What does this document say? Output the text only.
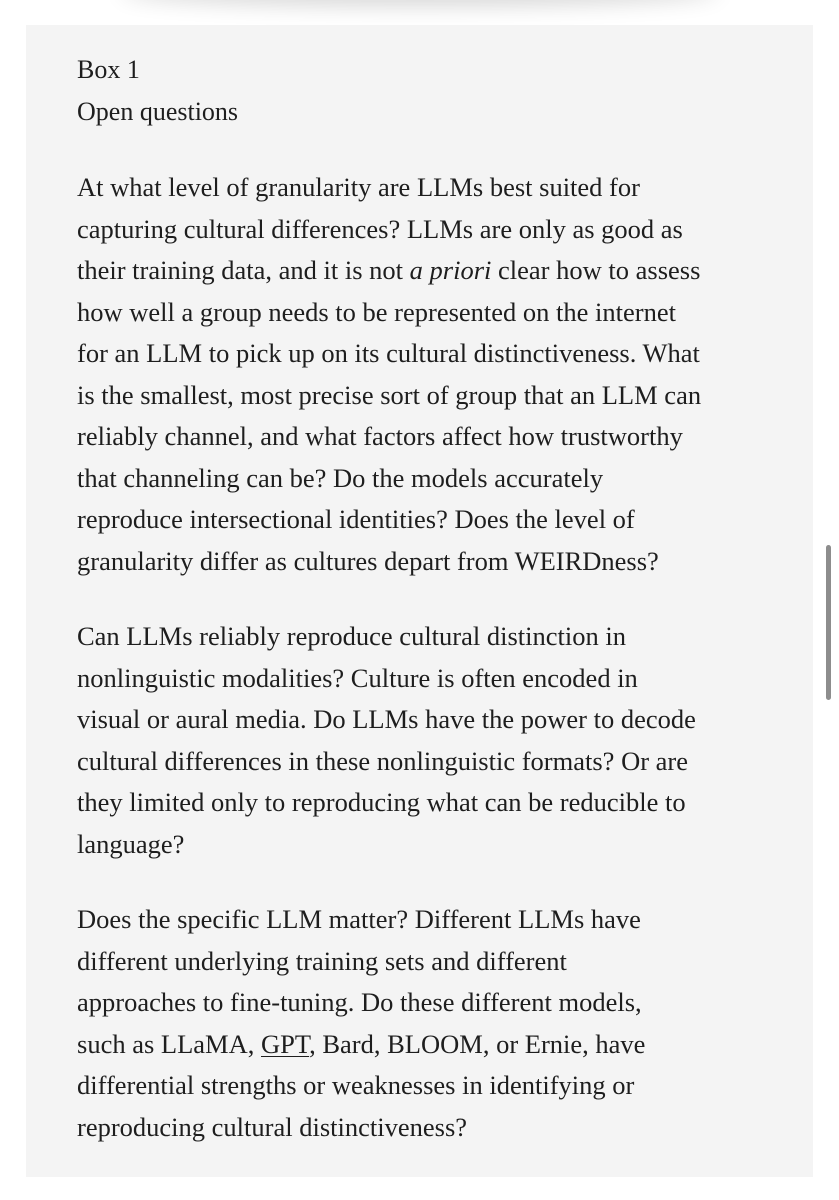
Box 1
Open questions

At what level of granularity are LLMs best suited for
capturing cultural differences? LLMs are only as good as
their training data, and it is not a priori clear how to assess
how well a group needs to be represented on the internet
for an LLM to pick up on its cultural distinctiveness. What
is the smallest, most precise sort of group that an LLM can
reliably channel, and what factors affect how trustworthy
that channeling can be? Do the models accurately
reproduce intersectional identities? Does the level of
granularity differ as cultures depart from WEIRDness?

Can LLMs reliably reproduce cultural distinction in
nonlinguistic modalities? Culture is often encoded in
visual or aural media. Do LLMs have the power to decode
cultural differences in these nonlinguistic formats? Or are
they limited only to reproducing what can be reducible to
language?

Does the specific LLM matter? Different LLMs have
different underlying training sets and different
approaches to fine-tuning. Do these different models,
such as LLaMA, GPT, Bard, BLOOM, or Ernie, have
differential strengths or weaknesses in identifying or
reproducing cultural distinctiveness?
